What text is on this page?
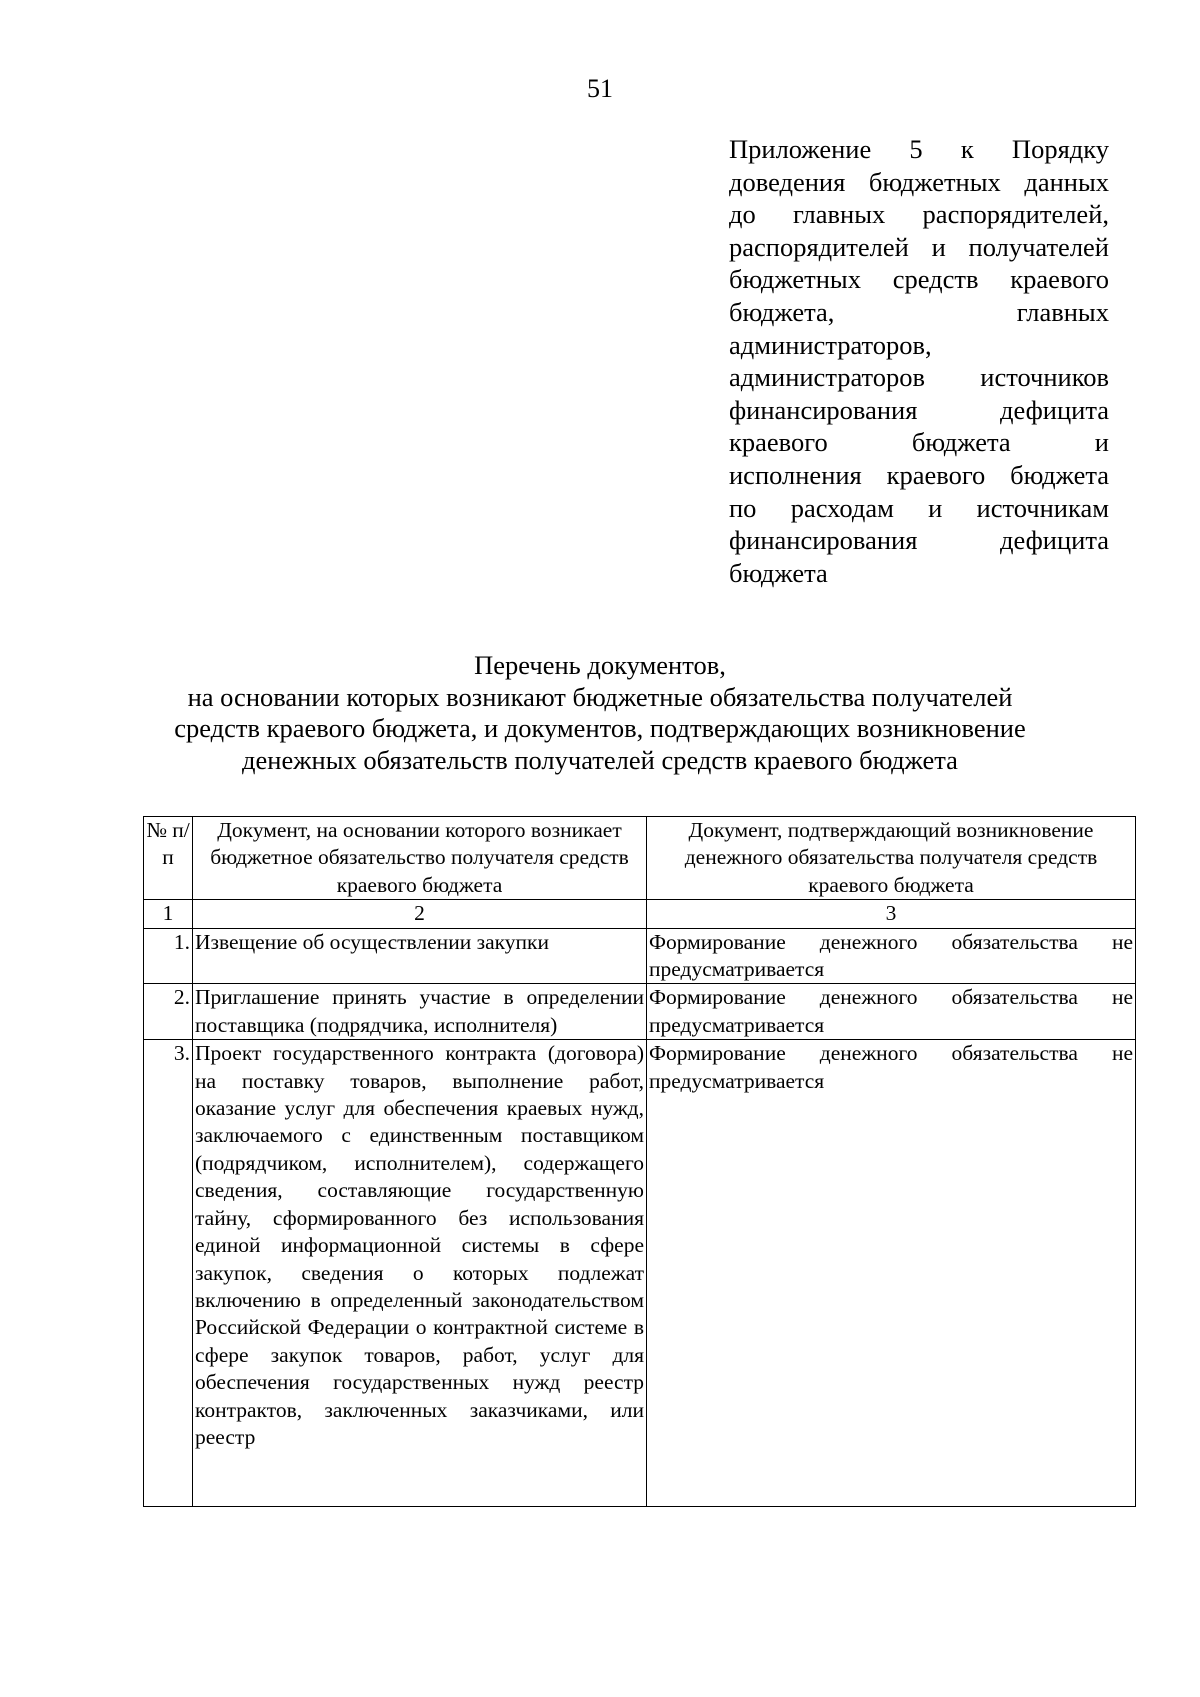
51
Приложение 5 к Порядку
доведения бюджетных данных
до главных распорядителей,
распорядителей и получателей
бюджетных средств краевого
бюджета, главных
администраторов,
администраторов источников
финансирования дефицита
краевого бюджета и
исполнения краевого бюджета
по расходам и источникам
финансирования дефицита
бюджета
Перечень документов,
на основании которых возникают бюджетные обязательства получателей
средств краевого бюджета, и документов, подтверждающих возникновение
денежных обязательств получателей средств краевого бюджета
№ п/п	Документ, на основании которого возникает бюджетное обязательство получателя средств краевого бюджета	Документ, подтверждающий возникновение денежного обязательства получателя средств краевого бюджета
1	2	3
1.	Извещение об осуществлении закупки	Формирование денежного обязательства не предусматривается
2.	Приглашение принять участие в определении поставщика (подрядчика, исполнителя)	Формирование денежного обязательства не предусматривается
3.	Проект государственного контракта (договора) на поставку товаров, выполнение работ, оказание услуг для обеспечения краевых нужд, заключаемого с единственным поставщиком (подрядчиком, исполнителем), содержащего сведения, составляющие государственную тайну, сформированного без использования единой информационной системы в сфере закупок, сведения о которых подлежат включению в определенный законодательством Российской Федерации о контрактной системе в сфере закупок товаров, работ, услуг для обеспечения государственных нужд реестр контрактов, заключенных заказчиками, или реестр	Формирование денежного обязательства не предусматривается
